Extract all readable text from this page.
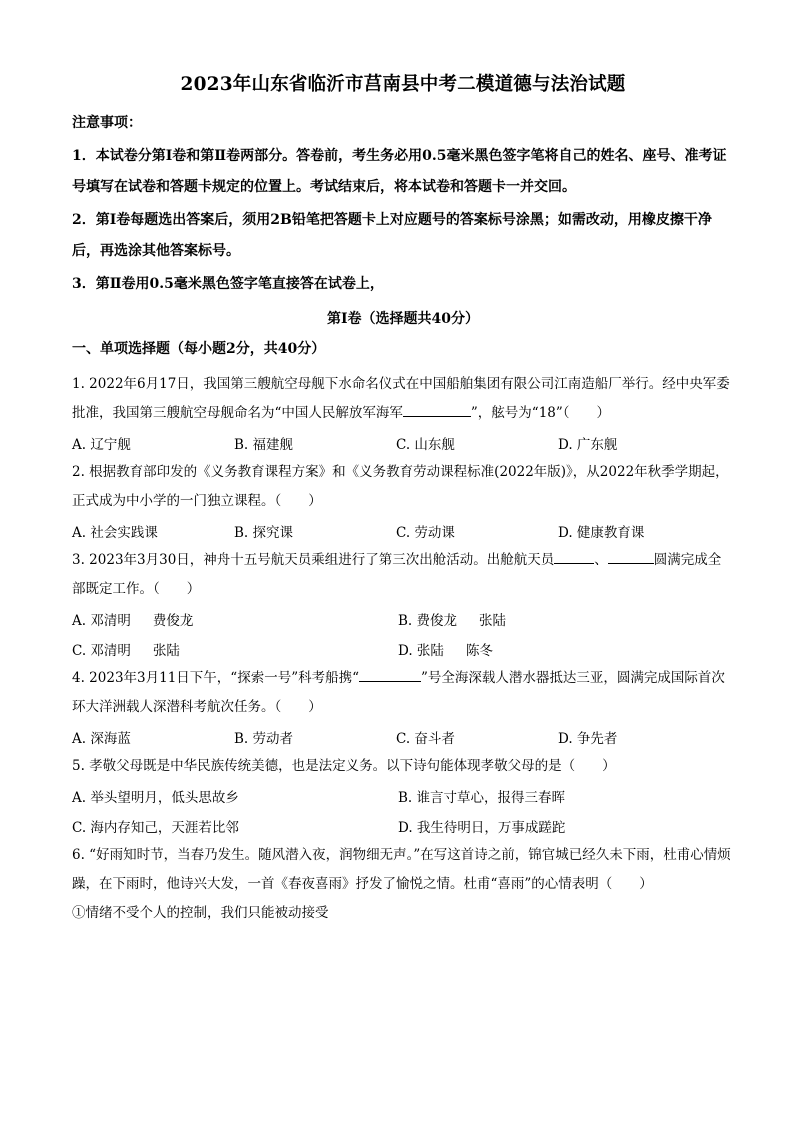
2023年山东省临沂市莒南县中考二模道德与法治试题
注意事项：

1．本试卷分第Ⅰ卷和第Ⅱ卷两部分。答卷前，考生务必用0.5毫米黑色签字笔将自己的姓名、座号、准考证号填写在试卷和答题卡规定的位置上。考试结束后，将本试卷和答题卡一并交回。

2．第Ⅰ卷每题选出答案后，须用2B铅笔把答题卡上对应题号的答案标号涂黑；如需改动，用橡皮擦干净后，再选涂其他答案标号。

3．第Ⅱ卷用0.5毫米黑色签字笔直接答在试卷上，

第Ⅰ卷（选择题共40分）
一、单项选择题（每小题2分，共40分）

1. 2022年6月17日，我国第三艘航空母舰下水命名仪式在中国船舶集团有限公司江南造船厂举行。经中央军委批准，我国第三艘航空母舰命名为“中国人民解放军海军	”，舷号为“18”（　　）

A. 辽宁舰	B. 福建舰	C. 山东舰	D. 广东舰

2. 根据教育部印发的《义务教育课程方案》和《义务教育劳动课程标准(2022年版)》，从2022年秋季学期起，正式成为中小学的一门独立课程。（　　）

A. 社会实践课	B. 探究课	C. 劳动课	D. 健康教育课

3. 2023年3月30日，神舟十五号航天员乘组进行了第三次出舱活动。出舱航天员	、	圆满完成全部既定工作。（　　）

A. 邓清明 费俊龙	B. 费俊龙 张陆
C. 邓清明 张陆	D. 张陆 陈冬

4. 2023年3月11日下午，“探索一号”科考船携“	”号全海深载人潜水器抵达三亚，圆满完成国际首次环大洋洲载人深潜科考航次任务。（　　）

A. 深海蓝	B. 劳动者	C. 奋斗者	D. 争先者

5. 孝敬父母既是中华民族传统美德，也是法定义务。以下诗句能体现孝敬父母的是（　　）

A. 举头望明月，低头思故乡	B. 谁言寸草心，报得三春晖
C. 海内存知己，天涯若比邻	D. 我生待明日，万事成蹉跎

6. “好雨知时节，当春乃发生。随风潜入夜，润物细无声。”在写这首诗之前，锦官城已经久未下雨，杜甫心情烦躁，在下雨时，他诗兴大发，一首《春夜喜雨》抒发了愉悦之情。杜甫“喜雨”的心情表明（　　）

①情绪不受个人的控制，我们只能被动接受
